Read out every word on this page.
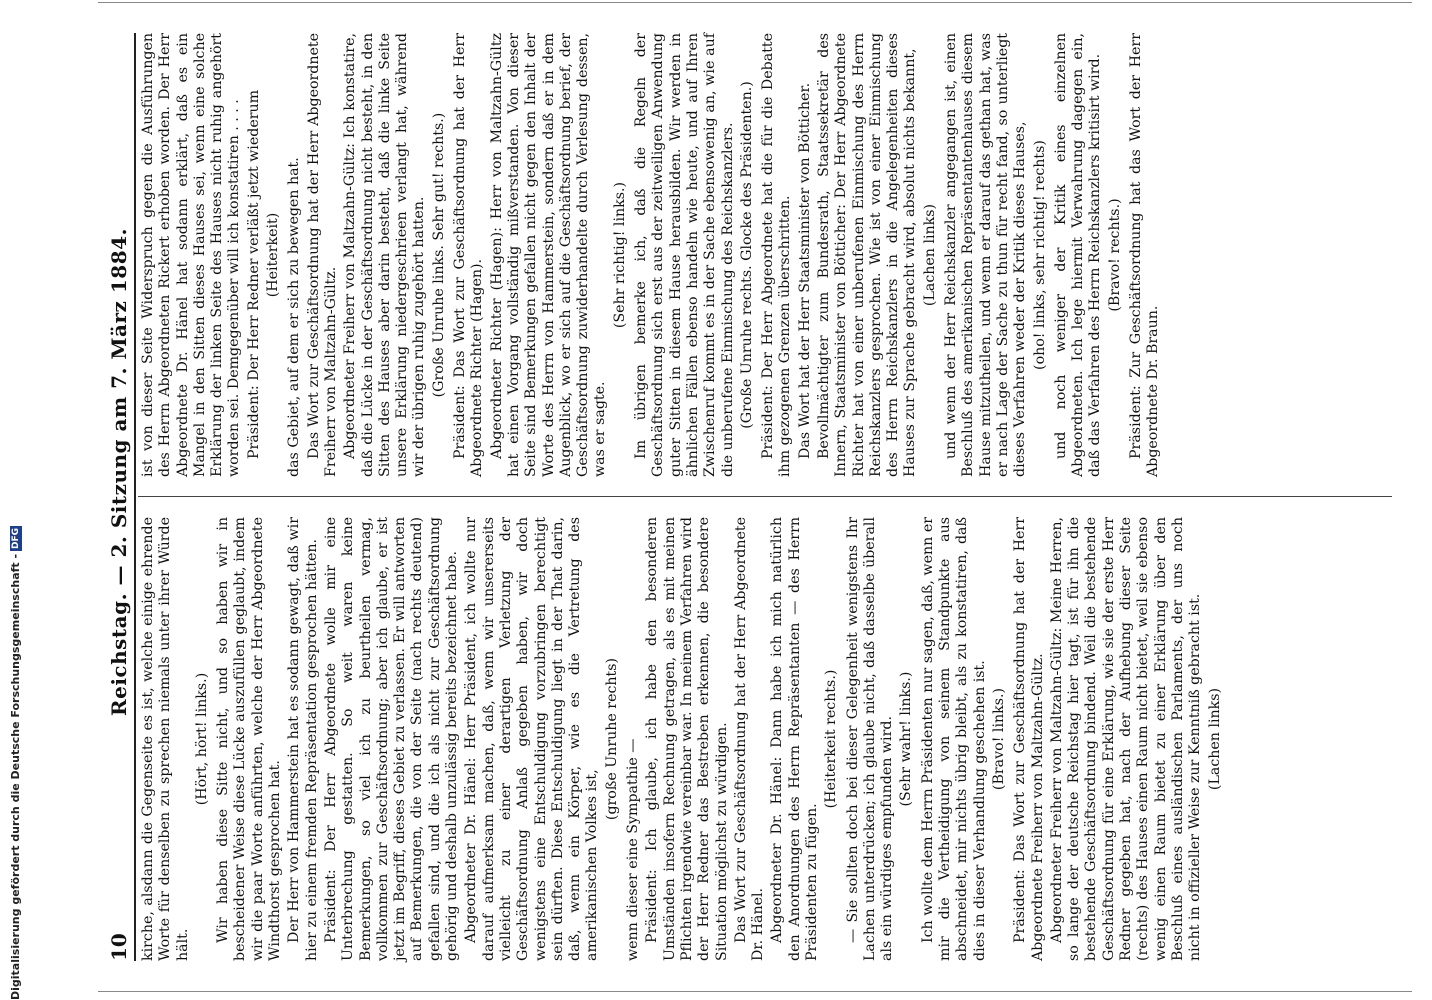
10
Reichstag. — 2. Sitzung am 7. März 1884.

kirche, alsdann die Gegenseite es ist, welche einige ehrende Worte für denselben zu sprechen niemals unter ihrer Würde hält.

(Hört, hört! links.) Wir haben diese Sitte nicht, und so haben wir in bescheidener Weise diese Lücke auszufüllen geglaubt, indem wir die paar Worte anführten, welche der Herr Abgeordnete Windthorst gesprochen hat. Der Herr von Hammerstein hat es sodann gewagt, daß wir hier zu einem fremden Repräsentation gesprochen hätten. Präsident: Der Herr Abgeordnete wolle mir eine Unterbrechung gestatten. So weit waren keine Bemerkungen, so viel ich zu beurtheilen vermag, vollkommen zur Geschäftsordnung; aber ich glaube, er ist jetzt im Begriff, dieses Gebiet zu verlassen. Er will antworten auf Bemerkungen, die von der Seite (nach rechts deutend) gefallen sind, und die ich als nicht zur Geschäftsordnung gehörig und deshalb unzulässig bereits bezeichnet habe. Abgeordneter Dr. Hänel: Herr Präsident, ich wollte nur darauf aufmerksam machen, daß, wenn wir unsererseits vielleicht zu einer derartigen Verletzung der Geschäftsordnung Anlaß gegeben haben, wir doch wenigstens eine Entschuldigung vorzubringen berechtigt sein dürften. Diese Entschuldigung liegt in der That darin, daß, wenn ein Körper, wie es die Vertretung des amerikanischen Volkes ist,

(große Unruhe rechts) wenn dieser eine Sympathie — Präsident: Ich glaube, ich habe den besonderen Umständen insofern Rechnung getragen, als es mit meinen Pflichten irgendwie vereinbar war. In meinem Verfahren wird der Herr Redner das Bestreben erkennen, die besondere Situation möglichst zu würdigen. Das Wort zur Geschäftsordnung hat der Herr Abgeordnete Dr. Hänel. Abgeordneter Dr. Hänel: Dann habe ich mich natürlich den Anordnungen des Herrn Repräsentanten — des Herrn Präsidenten zu fügen.

(Heiterkeit rechts.) — Sie sollten doch bei dieser Gelegenheit wenigstens Ihr Lachen unterdrücken; ich glaube nicht, daß dasselbe überall als ein würdiges empfunden wird. (Sehr wahr! links.) Ich wollte dem Herrn Präsidenten nur sagen, daß, wenn er mir die Vertheidigung von seinem Standpunkte aus abschneidet, mir nichts übrig bleibt, als zu konstatiren, daß dies in dieser Verhandlung geschehen ist. (Bravo! links.) Präsident: Das Wort zur Geschäftsordnung hat der Herr Abgeordnete Freiherr von Maltzahn-Gültz. Abgeordneter Freiherr von Maltzahn-Gültz: Meine Herren, so lange der deutsche Reichstag hier tagt, ist für ihn die bestehende Geschäftsordnung bindend. Weil die bestehende Geschäftsordnung für eine Erklärung, wie sie der erste Herr Redner gegeben hat, nach der Aufhebung dieser Seite (rechts) des Hauses einen Raum nicht bietet, weil sie ebenso wenig einen Raum bietet zu einer Erklärung über den Beschluß eines ausländischen Parlaments, der uns noch nicht in offizieller Weise zur Kenntniß gebracht ist. (Lachen links)

ist von dieser Seite Widerspruch gegen die Ausführungen des Herrn Abgeordneten Rickert erhoben worden. Der Herr Abgeordnete Dr. Hänel hat sodann erklärt, daß es ein Mangel in den Sitten dieses Hauses sei, wenn eine solche Erklärung der linken Seite des Hauses nicht ruhig angehört worden sei. Demgegenüber will ich konstatiren . . . . Präsident: Der Herr Redner verläßt jetzt wiederum (Heiterkeit) das Gebiet, auf dem er sich zu bewegen hat. Das Wort zur Geschäftsordnung hat der Herr Abgeordnete Freiherr von Maltzahn-Gültz. Abgeordneter Freiherr von Maltzahn-Gültz: Ich konstatire, daß die Lücke in der Geschäftsordnung nicht besteht, in den Sitten des Hauses aber darin besteht, daß die linke Seite unsere Erklärung niedergeschrieen verlangt hat, während wir der übrigen ruhig zugehört hatten. (Große Unruhe links. Sehr gut! rechts.) Präsident: Das Wort zur Geschäftsordnung hat der Herr Abgeordnete Richter (Hagen). Abgeordneter Richter (Hagen): Herr von Maltzahn-Gültz hat einen Vorgang vollständig mißverstanden. Von dieser Seite sind Bemerkungen gefallen nicht gegen den Inhalt der Worte des Herrn von Hammerstein, sondern daß er in dem Augenblick, wo er sich auf die Geschäftsordnung berief, der Geschäftsordnung zuwiderhandelte durch Verlesung dessen, was er sagte.

(Sehr richtig! links.) Im übrigen bemerke ich, daß die Regeln der Geschäftsordnung sich erst aus der zeitweiligen Anwendung guter Sitten in diesem Hause herausbilden. Wir werden in ähnlichen Fällen ebenso handeln wie heute, und auf Ihren Zwischenruf kommt es in der Sache ebensowenig an, wie auf die unberufene Einmischung des Reichskanzlers. (Große Unruhe rechts. Glocke des Präsidenten.) Präsident: Der Herr Abgeordnete hat die für die Debatte ihm gezogenen Grenzen überschritten. Das Wort hat der Herr Staatsminister von Bötticher. Bevollmächtigter zum Bundesrath, Staatssekretär des Innern, Staatsminister von Bötticher: Der Herr Abgeordnete Richter hat von einer unberufenen Einmischung des Herrn Reichskanzlers gesprochen. Wie ist von einer Einmischung des Herrn Reichskanzlers in die Angelegenheiten dieses Hauses zur Sprache gebracht wird, absolut nichts bekannt, (Lachen links) und wenn der Herr Reichskanzler angegangen ist, einen Beschluß des amerikanischen Repräsentantenhauses diesem Hause mitzutheilen, und wenn er darauf das gethan hat, was er nach Lage der Sache zu thun für recht fand, so unterliegt dieses Verfahren weder der Kritik dieses Hauses, (oho! links, sehr richtig! rechts) und noch weniger der Kritik eines einzelnen Abgeordneten. Ich lege hiermit Verwahrung dagegen ein, daß das Verfahren des Herrn Reichskanzlers kritisirt wird. (Bravo! rechts.) Präsident: Zur Geschäftsordnung hat das Wort der Herr Abgeordnete Dr. Braun.

Digitalisierung gefördert durch die Deutsche Forschungsgemeinschaft -DFG
